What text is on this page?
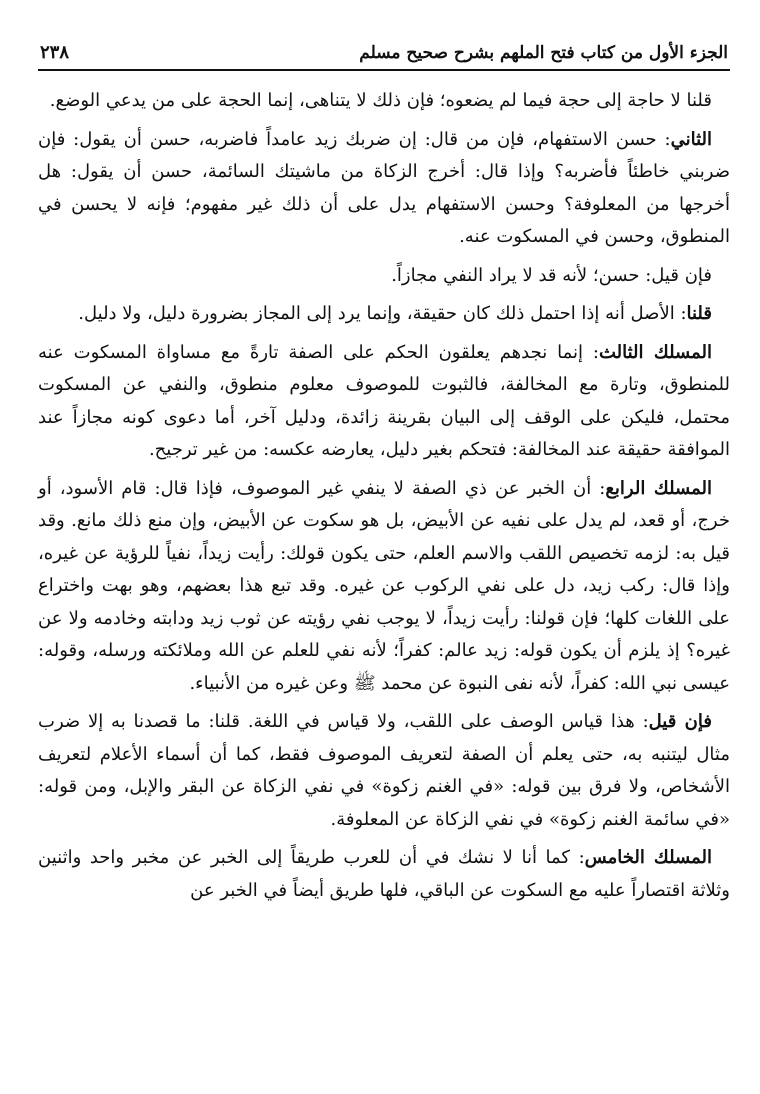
الجزء الأول من كتاب فتح الملهم بشرح صحيح مسلم
٢٣٨

قلنا لا حاجة إلى حجة فيما لم يضعوه؛ فإن ذلك لا يتناهى، إنما الحجة على من يدعي الوضع.

الثاني: حسن الاستفهام، فإن من قال: إن ضربك زيد عامداً فاضربه، حسن أن يقول: فإن ضربني خاطئاً فأضربه؟ وإذا قال: أخرج الزكاة من ماشيتك السائمة، حسن أن يقول: هل أخرجها من المعلوفة؟ وحسن الاستفهام يدل على أن ذلك غير مفهوم؛ فإنه لا يحسن في المنطوق، وحسن في المسكوت عنه.

فإن قيل: حسن؛ لأنه قد لا يراد النفي مجازاً.

قلنا: الأصل أنه إذا احتمل ذلك كان حقيقة، وإنما يرد إلى المجاز بضرورة دليل، ولا دليل.

المسلك الثالث: إنما نجدهم يعلقون الحكم على الصفة تارةً مع مساواة المسكوت عنه للمنطوق، وتارة مع المخالفة، فالثبوت للموصوف معلوم منطوق، والنفي عن المسكوت محتمل، فليكن على الوقف إلى البيان بقرينة زائدة، ودليل آخر، أما دعوى كونه مجازاً عند الموافقة حقيقة عند المخالفة: فتحكم بغير دليل، يعارضه عكسه: من غير ترجيح.

المسلك الرابع: أن الخبر عن ذي الصفة لا ينفي غير الموصوف، فإذا قال: قام الأسود، أو خرج، أو قعد، لم يدل على نفيه عن الأبيض، بل هو سكوت عن الأبيض، وإن منع ذلك مانع. وقد قيل به: لزمه تخصيص اللقب والاسم العلم، حتى يكون قولك: رأيت زيداً، نفياً للرؤية عن غيره، وإذا قال: ركب زيد، دل على نفي الركوب عن غيره. وقد تبع هذا بعضهم، وهو بهت واختراع على اللغات كلها؛ فإن قولنا: رأيت زيداً، لا يوجب نفي رؤيته عن ثوب زيد ودابته وخادمه ولا عن غيره؟ إذ يلزم أن يكون قوله: زيد عالم: كفراً؛ لأنه نفي للعلم عن الله وملائكته ورسله، وقوله: عيسى نبي الله: كفراً، لأنه نفى النبوة عن محمد ﷺ وعن غيره من الأنبياء.

فإن قيل: هذا قياس الوصف على اللقب، ولا قياس في اللغة. قلنا: ما قصدنا به إلا ضرب مثال ليتنبه به، حتى يعلم أن الصفة لتعريف الموصوف فقط، كما أن أسماء الأعلام لتعريف الأشخاص، ولا فرق بين قوله: «في الغنم زكوة» في نفي الزكاة عن البقر والإبل، ومن قوله: «في سائمة الغنم زكوة» في نفي الزكاة عن المعلوفة.

المسلك الخامس: كما أنا لا نشك في أن للعرب طريقاً إلى الخبر عن مخبر واحد واثنين وثلاثة اقتصاراً عليه مع السكوت عن الباقي، فلها طريق أيضاً في الخبر عن
